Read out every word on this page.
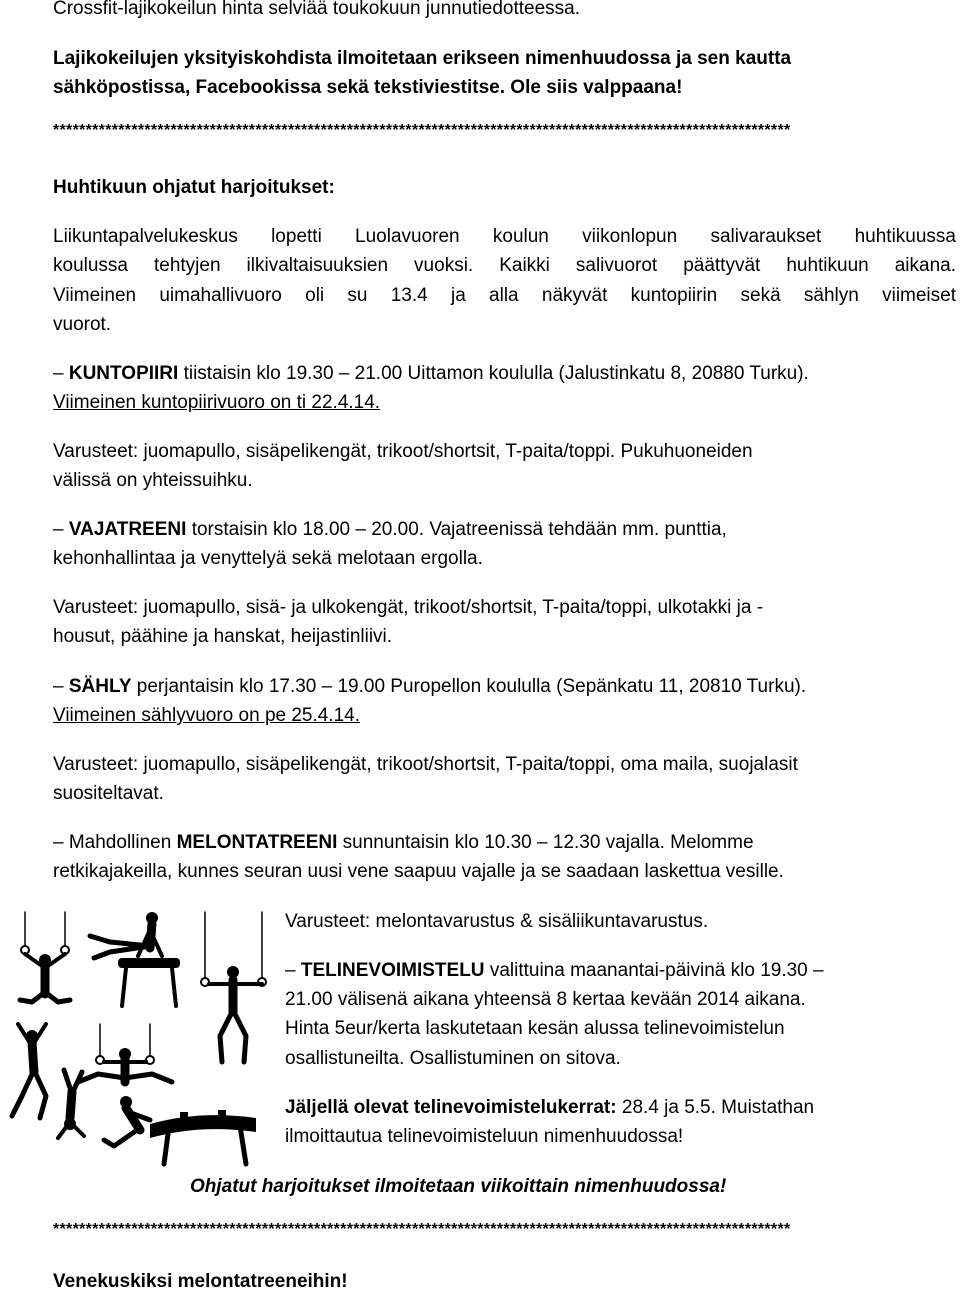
Crossfit-lajikokeilun hinta selviää toukokuun junnutiedotteessa.
Lajikokeilujen yksityiskohdista ilmoitetaan erikseen nimenhuudossa ja sen kautta
sähköpostissa, Facebookissa sekä tekstiviestitse. Ole siis valppaana!
*****************************************************************************************************************
Huhtikuun ohjatut harjoitukset:
Liikuntapalvelukeskus lopetti Luolavuoren koulun viikonlopun salivaraukset huhtikuussa
koulussa tehtyjen ilkivaltaisuuksien vuoksi. Kaikki salivuorot päättyvät huhtikuun aikana.
Viimeinen uimahallivuoro oli su 13.4 ja alla näkyvät kuntopiirin sekä sählyn viimeiset
vuorot.
– KUNTOPIIRI tiistaisin klo 19.30 – 21.00 Uittamon koululla (Jalustinkatu 8, 20880 Turku).
Viimeinen kuntopiirivuoro on ti 22.4.14.
Varusteet: juomapullo, sisäpelikengät, trikoot/shortsit, T-paita/toppi. Pukuhuoneiden
välissä on yhteissuihku.
– VAJATREENI torstaisin klo 18.00 – 20.00. Vajatreenissä tehdään mm. punttia,
kehonhallintaa ja venyttelyä sekä melotaan ergolla.
Varusteet: juomapullo, sisä- ja ulkokengät, trikoot/shortsit, T-paita/toppi, ulkotakki ja -
housut, päähine ja hanskat, heijastinliivi.
– SÄHLY perjantaisin klo 17.30 – 19.00 Puropellon koululla (Sepänkatu 11, 20810 Turku).
Viimeinen sählyvuoro on pe 25.4.14.
Varusteet: juomapullo, sisäpelikengät, trikoot/shortsit, T-paita/toppi, oma maila, suojalasit
suositeltavat.
– Mahdollinen MELONTATREENI sunnuntaisin klo 10.30 – 12.30 vajalla. Melomme
retkikajakeilla, kunnes seuran uusi vene saapuu vajalle ja se saadaan laskettua vesille.
Varusteet: melontavarustus & sisäliikuntavarustus.
– TELINEVOIMISTELU valittuina maanantai-päivinä klo 19.30 –
21.00 välisenä aikana yhteensä 8 kertaa kevään 2014 aikana.
Hinta 5eur/kerta laskutetaan kesän alussa telinevoimistelun
osallistuneilta. Osallistuminen on sitova.
Jäljellä olevat telinevoimistelukerrat: 28.4 ja 5.5. Muistathan
ilmoittautua telinevoimisteluun nimenhuudossa!
Ohjatut harjoitukset ilmoitetaan viikoittain nimenhuudossa!
*****************************************************************************************************************
Venekuskiksi melontatreeneihin!
